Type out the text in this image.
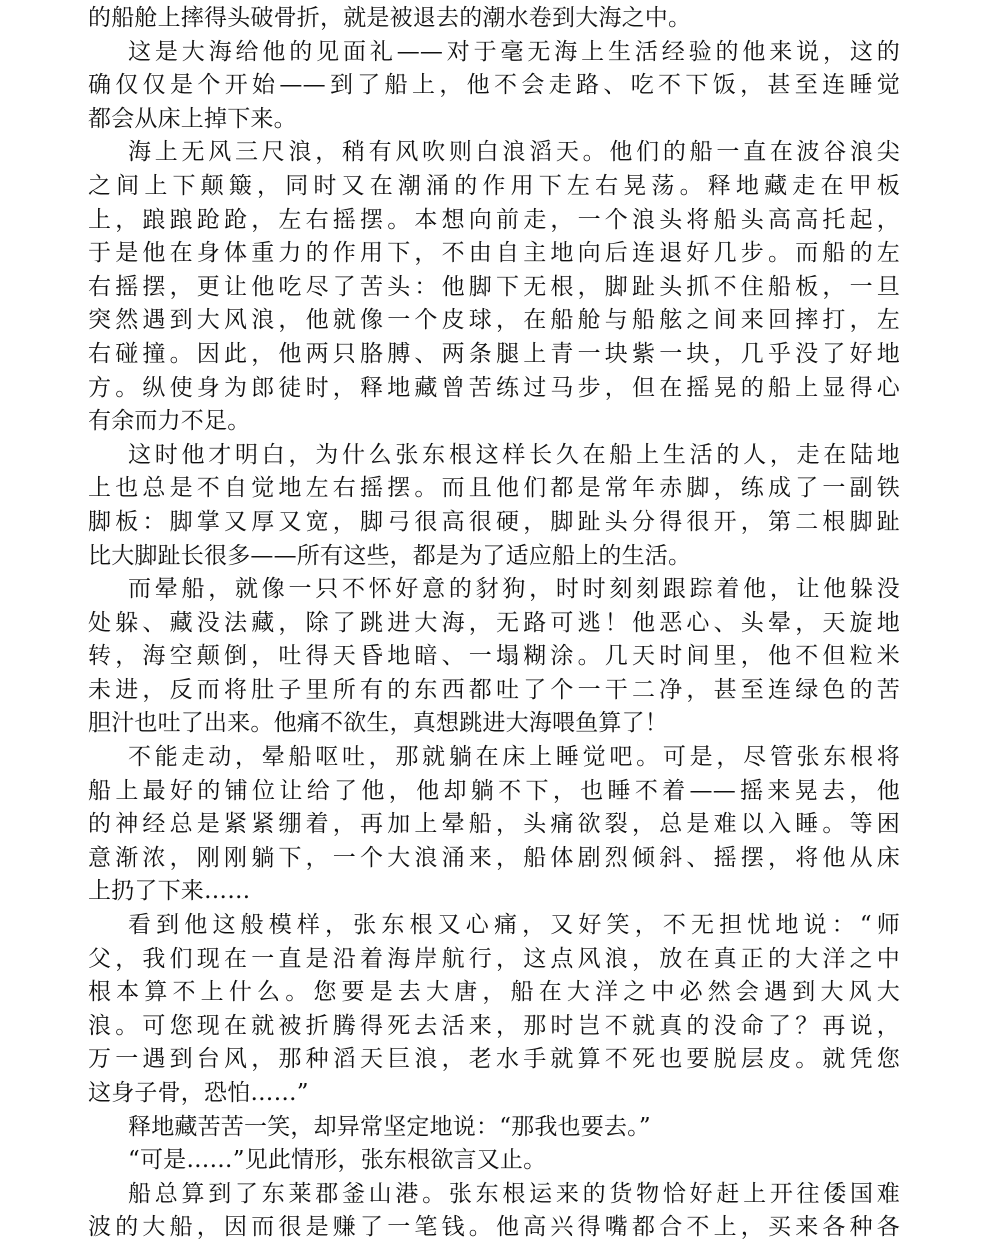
的船舱上摔得头破骨折，就是被退去的潮水卷到大海之中。
这是大海给他的见面礼——对于毫无海上生活经验的他来说，这的
确仅仅是个开始——到了船上，他不会走路、吃不下饭，甚至连睡觉
都会从床上掉下来。
海上无风三尺浪，稍有风吹则白浪滔天。他们的船一直在波谷浪尖
之间上下颠簸，同时又在潮涌的作用下左右晃荡。释地藏走在甲板
上，踉踉跄跄，左右摇摆。本想向前走，一个浪头将船头高高托起，
于是他在身体重力的作用下，不由自主地向后连退好几步。而船的左
右摇摆，更让他吃尽了苦头：他脚下无根，脚趾头抓不住船板，一旦
突然遇到大风浪，他就像一个皮球，在船舱与船舷之间来回摔打，左
右碰撞。因此，他两只胳膊、两条腿上青一块紫一块，几乎没了好地
方。纵使身为郎徒时，释地藏曾苦练过马步，但在摇晃的船上显得心
有余而力不足。
这时他才明白，为什么张东根这样长久在船上生活的人，走在陆地
上也总是不自觉地左右摇摆。而且他们都是常年赤脚，练成了一副铁
脚板：脚掌又厚又宽，脚弓很高很硬，脚趾头分得很开，第二根脚趾
比大脚趾长很多——所有这些，都是为了适应船上的生活。
而晕船，就像一只不怀好意的豺狗，时时刻刻跟踪着他，让他躲没
处躲、藏没法藏，除了跳进大海，无路可逃！他恶心、头晕，天旋地
转，海空颠倒，吐得天昏地暗、一塌糊涂。几天时间里，他不但粒米
未进，反而将肚子里所有的东西都吐了个一干二净，甚至连绿色的苦
胆汁也吐了出来。他痛不欲生，真想跳进大海喂鱼算了！
不能走动，晕船呕吐，那就躺在床上睡觉吧。可是，尽管张东根将
船上最好的铺位让给了他，他却躺不下，也睡不着——摇来晃去，他
的神经总是紧紧绷着，再加上晕船，头痛欲裂，总是难以入睡。等困
意渐浓，刚刚躺下，一个大浪涌来，船体剧烈倾斜、摇摆，将他从床
上扔了下来……
看到他这般模样，张东根又心痛，又好笑，不无担忧地说：“师
父，我们现在一直是沿着海岸航行，这点风浪，放在真正的大洋之中
根本算不上什么。您要是去大唐，船在大洋之中必然会遇到大风大
浪。可您现在就被折腾得死去活来，那时岂不就真的没命了？再说，
万一遇到台风，那种滔天巨浪，老水手就算不死也要脱层皮。就凭您
这身子骨，恐怕……”
释地藏苦苦一笑，却异常坚定地说：“那我也要去。”
“可是……”见此情形，张东根欲言又止。
船总算到了东莱郡釜山港。张东根运来的货物恰好赶上开往倭国难
波的大船，因而很是赚了一笔钱。他高兴得嘴都合不上，买来各种各
